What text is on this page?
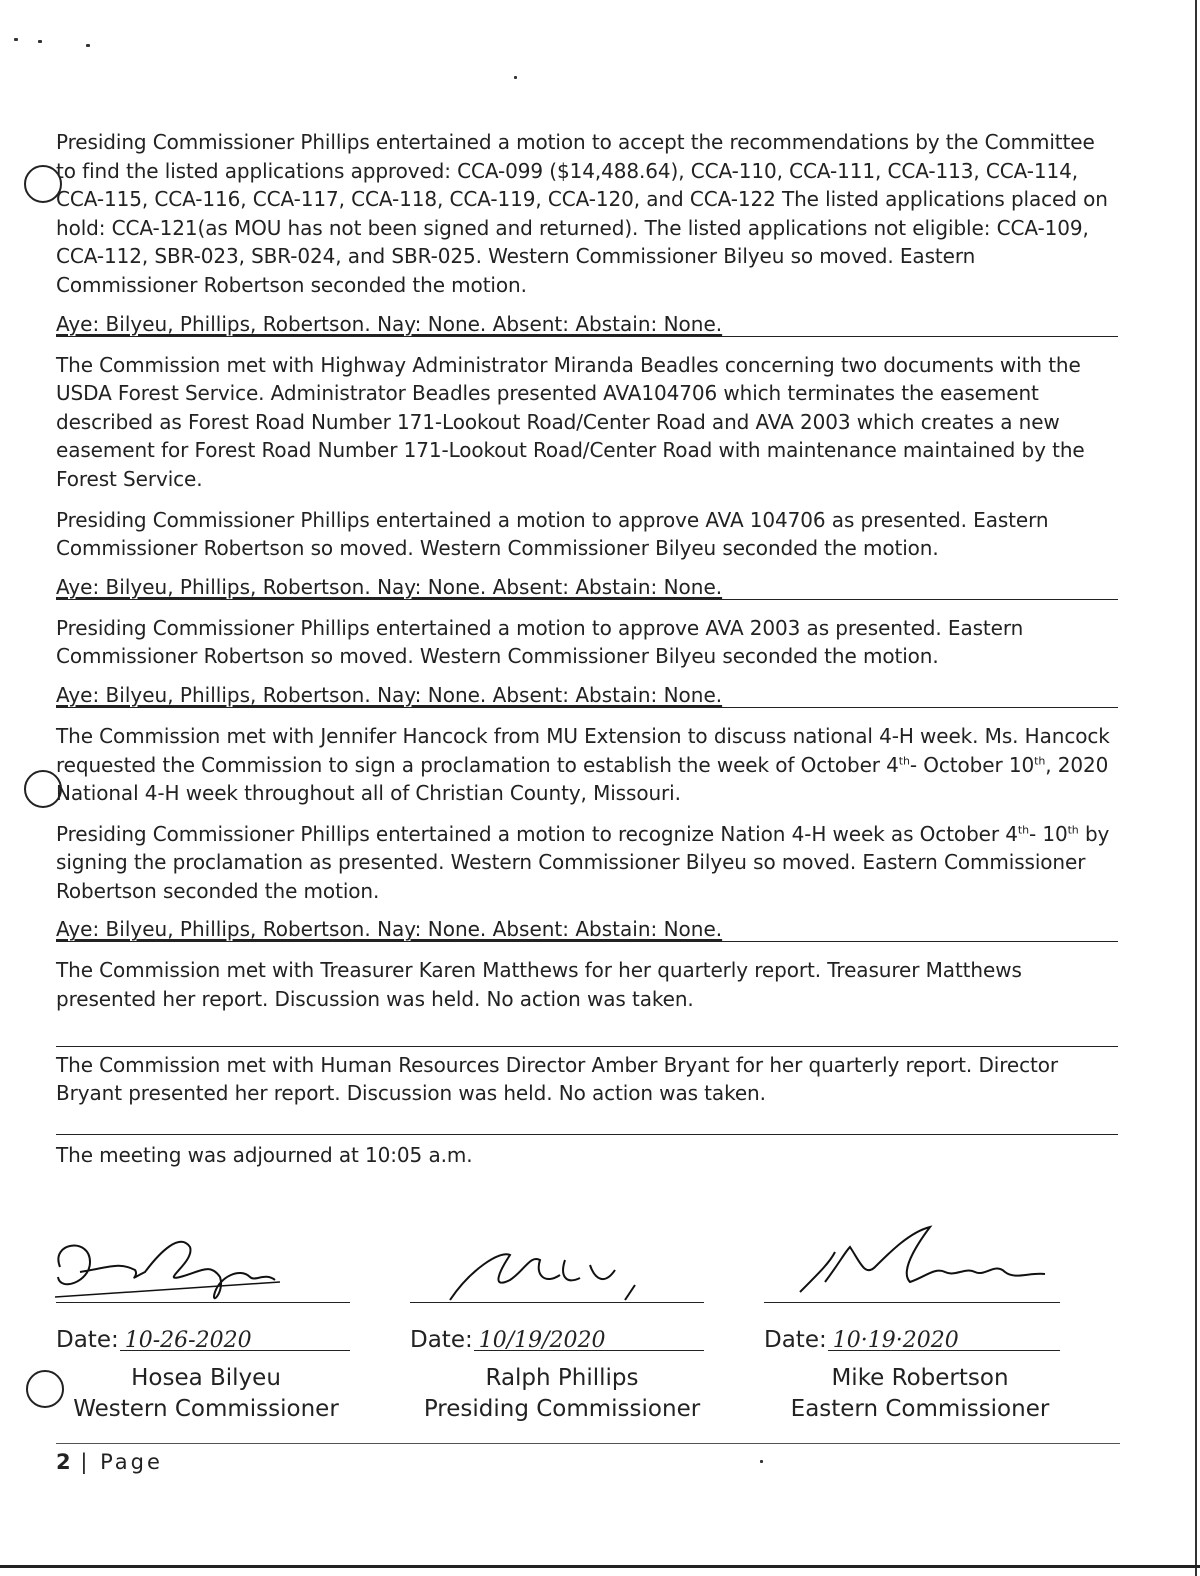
Presiding Commissioner Phillips entertained a motion to accept the recommendations by the Committee to find the listed applications approved: CCA-099 ($14,488.64), CCA-110, CCA-111, CCA-113, CCA-114, CCA-115, CCA-116, CCA-117, CCA-118, CCA-119, CCA-120, and CCA-122 The listed applications placed on hold: CCA-121(as MOU has not been signed and returned). The listed applications not eligible: CCA-109, CCA-112, SBR-023, SBR-024, and SBR-025. Western Commissioner Bilyeu so moved. Eastern Commissioner Robertson seconded the motion.

Aye: Bilyeu, Phillips, Robertson. Nay: None. Absent: Abstain: None.

The Commission met with Highway Administrator Miranda Beadles concerning two documents with the USDA Forest Service. Administrator Beadles presented AVA104706 which terminates the easement described as Forest Road Number 171-Lookout Road/Center Road and AVA 2003 which creates a new easement for Forest Road Number 171-Lookout Road/Center Road with maintenance maintained by the Forest Service.

Presiding Commissioner Phillips entertained a motion to approve AVA 104706 as presented. Eastern Commissioner Robertson so moved. Western Commissioner Bilyeu seconded the motion.

Aye: Bilyeu, Phillips, Robertson. Nay: None. Absent: Abstain: None.

Presiding Commissioner Phillips entertained a motion to approve AVA 2003 as presented. Eastern Commissioner Robertson so moved. Western Commissioner Bilyeu seconded the motion.

Aye: Bilyeu, Phillips, Robertson. Nay: None. Absent: Abstain: None.

The Commission met with Jennifer Hancock from MU Extension to discuss national 4-H week. Ms. Hancock requested the Commission to sign a proclamation to establish the week of October 4th- October 10th, 2020 National 4-H week throughout all of Christian County, Missouri.

Presiding Commissioner Phillips entertained a motion to recognize Nation 4-H week as October 4th- 10th by signing the proclamation as presented. Western Commissioner Bilyeu so moved. Eastern Commissioner Robertson seconded the motion.

Aye: Bilyeu, Phillips, Robertson. Nay: None. Absent: Abstain: None.

The Commission met with Treasurer Karen Matthews for her quarterly report. Treasurer Matthews presented her report. Discussion was held. No action was taken.

The Commission met with Human Resources Director Amber Bryant for her quarterly report. Director Bryant presented her report. Discussion was held. No action was taken.

The meeting was adjourned at 10:05 a.m.

Date: 10-26-2020	Date: 10/19/2020	Date: 10·19·2020
Hosea Bilyeu
Western Commissioner
Ralph Phillips
Presiding Commissioner
Mike Robertson
Eastern Commissioner
2 | Page
